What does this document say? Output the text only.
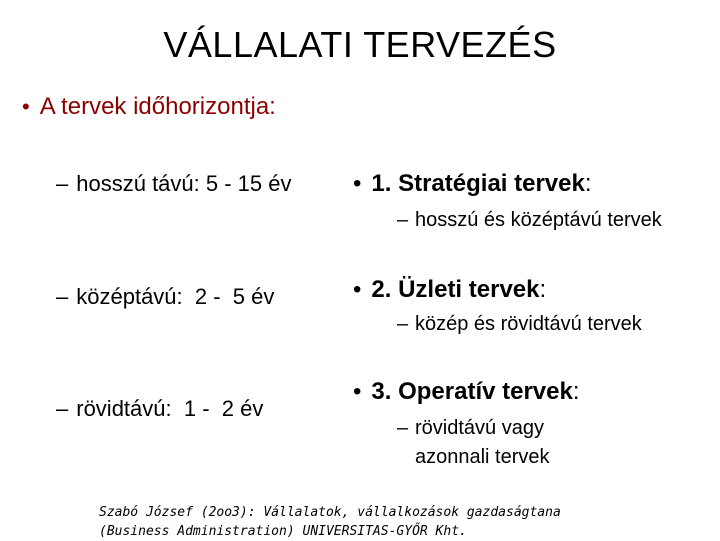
VÁLLALATI TERVEZÉS
• A tervek időhorizontja:
– hosszú távú: 5 - 15 év
– középtávú:  2 -  5 év
– rövidtávú:  1 -  2 év
• 1. Stratégiai tervek:
– hosszú és középtávú tervek
• 2. Üzleti tervek:
– közép és rövidtávú tervek
• 3. Operatív tervek:
– rövidtávú vagy azonnali tervek
Szabó József (2oo3): Vállalatok, vállalkozások gazdaságtana
(Business Administration) UNIVERSITAS-GYŐR Kht.
